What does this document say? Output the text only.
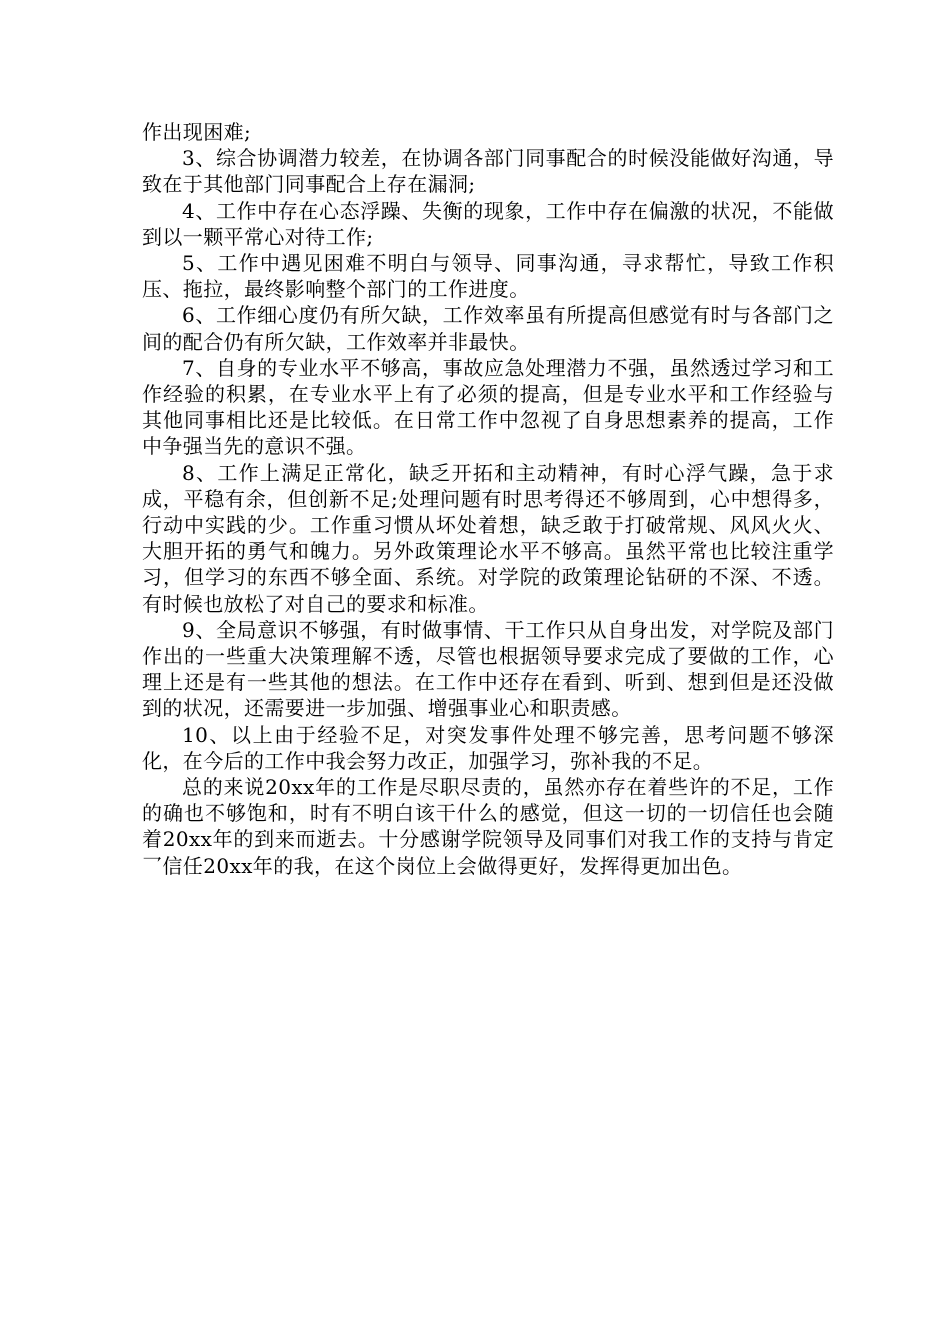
作出现困难;

3、综合协调潜力较差，在协调各部门同事配合的时候没能做好沟通，导致在于其他部门同事配合上存在漏洞;

4、工作中存在心态浮躁、失衡的现象，工作中存在偏激的状况，不能做到以一颗平常心对待工作;

5、工作中遇见困难不明白与领导、同事沟通，寻求帮忙，导致工作积压、拖拉，最终影响整个部门的工作进度。

6、工作细心度仍有所欠缺，工作效率虽有所提高但感觉有时与各部门之间的配合仍有所欠缺，工作效率并非最快。

7、自身的专业水平不够高，事故应急处理潜力不强，虽然透过学习和工作经验的积累，在专业水平上有了必须的提高，但是专业水平和工作经验与其他同事相比还是比较低。在日常工作中忽视了自身思想素养的提高，工作中争强当先的意识不强。

8、工作上满足正常化，缺乏开拓和主动精神，有时心浮气躁，急于求成，平稳有余，但创新不足;处理问题有时思考得还不够周到，心中想得多，行动中实践的少。工作重习惯从坏处着想，缺乏敢于打破常规、风风火火、大胆开拓的勇气和魄力。另外政策理论水平不够高。虽然平常也比较注重学习，但学习的东西不够全面、系统。对学院的政策理论钻研的不深、不透。有时候也放松了对自己的要求和标准。

9、全局意识不够强，有时做事情、干工作只从自身出发，对学院及部门作出的一些重大决策理解不透，尽管也根据领导要求完成了要做的工作，心理上还是有一些其他的想法。在工作中还存在看到、听到、想到但是还没做到的状况，还需要进一步加强、增强事业心和职责感。

10、以上由于经验不足，对突发事件处理不够完善，思考问题不够深化，在今后的工作中我会努力改正，加强学习，弥补我的不足。

总的来说20xx年的工作是尽职尽责的，虽然亦存在着些许的不足，工作的确也不够饱和，时有不明白该干什么的感觉，但这一切的一切信任也会随着20xx年的到来而逝去。十分感谢学院领导及同事们对我工作的支持与肯定乛信任20xx年的我，在这个岗位上会做得更好，发挥得更加出色。
